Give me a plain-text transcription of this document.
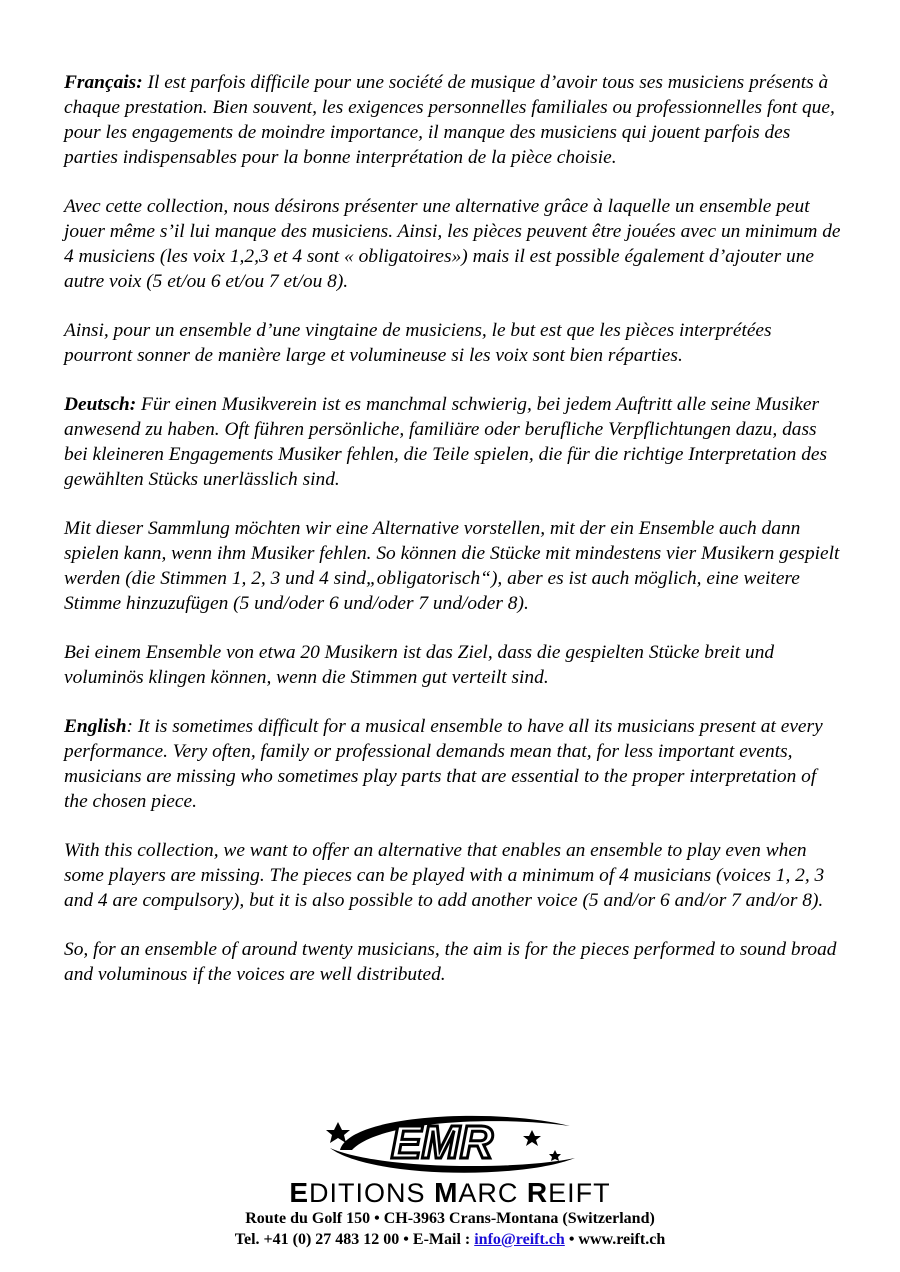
Français: Il est parfois difficile pour une société de musique d’avoir tous ses musiciens présents à chaque prestation. Bien souvent, les exigences personnelles familiales ou professionnelles font que, pour les engagements de moindre importance, il manque des musiciens qui jouent parfois des parties indispensables pour la bonne interprétation de la pièce choisie.

Avec cette collection, nous désirons présenter une alternative grâce à laquelle un ensemble peut jouer même s’il lui manque des musiciens. Ainsi, les pièces peuvent être jouées avec un minimum de 4 musiciens (les voix 1,2,3 et 4 sont « obligatoires») mais il est possible également d’ajouter une autre voix (5 et/ou 6 et/ou 7 et/ou 8).

Ainsi, pour un ensemble d’une vingtaine de musiciens, le but est que les pièces interprétées pourront sonner de manière large et volumineuse si les voix sont bien réparties.

Deutsch: Für einen Musikverein ist es manchmal schwierig, bei jedem Auftritt alle seine Musiker anwesend zu haben. Oft führen persönliche, familiäre oder berufliche Verpflichtungen dazu, dass bei kleineren Engagements Musiker fehlen, die Teile spielen, die für die richtige Interpretation des gewählten Stücks unerlässlich sind.

Mit dieser Sammlung möchten wir eine Alternative vorstellen, mit der ein Ensemble auch dann spielen kann, wenn ihm Musiker fehlen. So können die Stücke mit mindestens vier Musikern gespielt werden (die Stimmen 1, 2, 3 und 4 sind„obligatorisch“), aber es ist auch möglich, eine weitere Stimme hinzuzufügen (5 und/oder 6 und/oder 7 und/oder 8).

Bei einem Ensemble von etwa 20 Musikern ist das Ziel, dass die gespielten Stücke breit und voluminös klingen können, wenn die Stimmen gut verteilt sind.

English: It is sometimes difficult for a musical ensemble to have all its musicians present at every performance. Very often, family or professional demands mean that, for less important events, musicians are missing who sometimes play parts that are essential to the proper interpretation of the chosen piece.

With this collection, we want to offer an alternative that enables an ensemble to play even when some players are missing. The pieces can be played with a minimum of 4 musicians (voices 1, 2, 3 and 4 are compulsory), but it is also possible to add another voice (5 and/or 6 and/or 7 and/or 8).

So, for an ensemble of around twenty musicians, the aim is for the pieces performed to sound broad and voluminous if the voices are well distributed.

EMR
EDITIONS MARC REIFT
Route du Golf 150 • CH-3963 Crans-Montana (Switzerland)
Tel. +41 (0) 27 483 12 00 • E-Mail : info@reift.ch • www.reift.ch
